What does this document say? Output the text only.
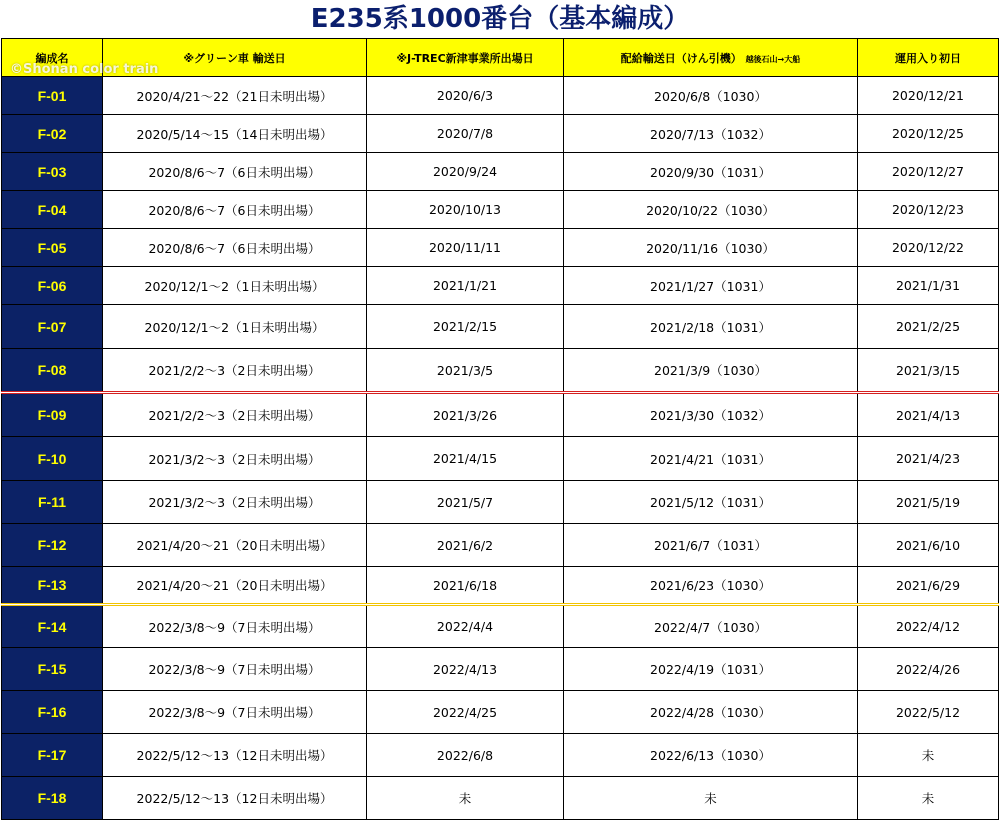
E235系1000番台（基本編成）
編成名	※グリーン車 輸送日	※J-TREC新津事業所出場日	配給輸送日（けん引機） 越後石山→大船	運用入り初日
F-01	2020/4/21～22（21日未明出場）	2020/6/3	2020/6/8（1030）	2020/12/21
F-02	2020/5/14～15（14日未明出場）	2020/7/8	2020/7/13（1032）	2020/12/25
F-03	2020/8/6～7（6日未明出場）	2020/9/24	2020/9/30（1031）	2020/12/27
F-04	2020/8/6～7（6日未明出場）	2020/10/13	2020/10/22（1030）	2020/12/23
F-05	2020/8/6～7（6日未明出場）	2020/11/11	2020/11/16（1030）	2020/12/22
F-06	2020/12/1～2（1日未明出場）	2021/1/21	2021/1/27（1031）	2021/1/31
F-07	2020/12/1～2（1日未明出場）	2021/2/15	2021/2/18（1031）	2021/2/25
F-08	2021/2/2～3（2日未明出場）	2021/3/5	2021/3/9（1030）	2021/3/15
F-09	2021/2/2～3（2日未明出場）	2021/3/26	2021/3/30（1032）	2021/4/13
F-10	2021/3/2～3（2日未明出場）	2021/4/15	2021/4/21（1031）	2021/4/23
F-11	2021/3/2～3（2日未明出場）	2021/5/7	2021/5/12（1031）	2021/5/19
F-12	2021/4/20～21（20日未明出場）	2021/6/2	2021/6/7（1031）	2021/6/10
F-13	2021/4/20～21（20日未明出場）	2021/6/18	2021/6/23（1030）	2021/6/29
F-14	2022/3/8～9（7日未明出場）	2022/4/4	2022/4/7（1030）	2022/4/12
F-15	2022/3/8～9（7日未明出場）	2022/4/13	2022/4/19（1031）	2022/4/26
F-16	2022/3/8～9（7日未明出場）	2022/4/25	2022/4/28（1030）	2022/5/12
F-17	2022/5/12～13（12日未明出場）	2022/6/8	2022/6/13（1030）	未
F-18	2022/5/12～13（12日未明出場）	未	未	未
©Shonan color train
